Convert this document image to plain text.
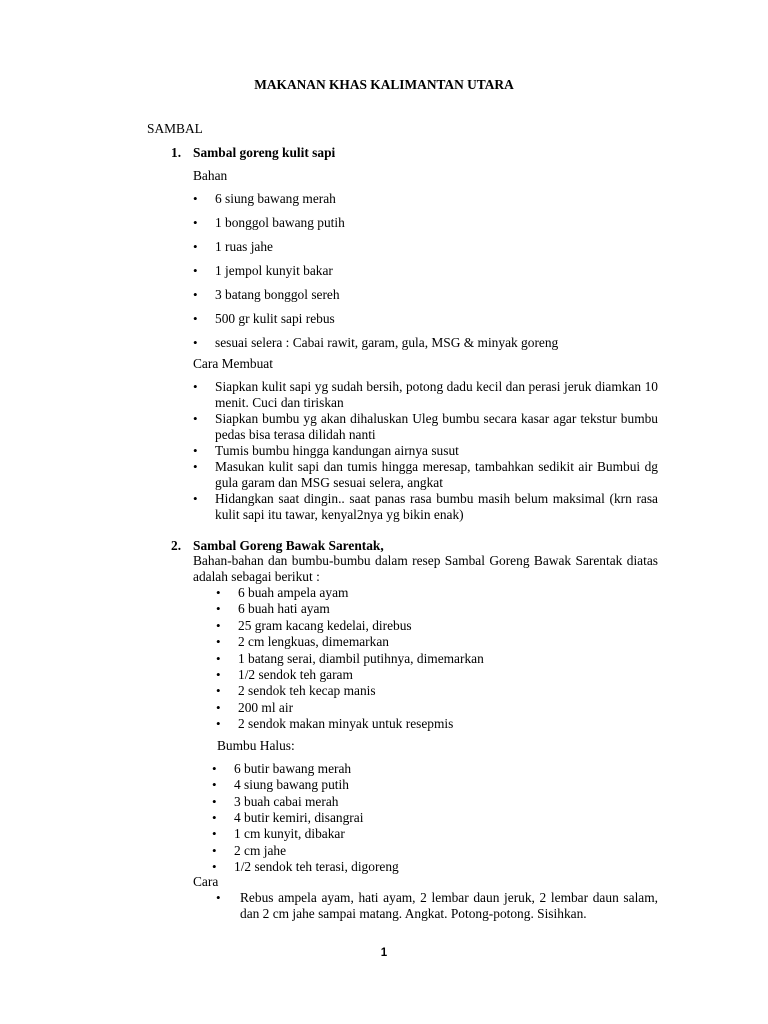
MAKANAN KHAS KALIMANTAN UTARA
SAMBAL
1. Sambal goreng kulit sapi
Bahan
• 6 siung bawang merah
• 1 bonggol bawang putih
• 1 ruas jahe
• 1 jempol kunyit bakar
• 3 batang bonggol sereh
• 500 gr kulit sapi rebus
• sesuai selera : Cabai rawit, garam, gula, MSG & minyak goreng
Cara Membuat
• Siapkan kulit sapi yg sudah bersih, potong dadu kecil dan perasi jeruk diamkan 10 menit. Cuci dan tiriskan
• Siapkan bumbu yg akan dihaluskan Uleg bumbu secara kasar agar tekstur bumbu pedas bisa terasa dilidah nanti
• Tumis bumbu hingga kandungan airnya susut
• Masukan kulit sapi dan tumis hingga meresap, tambahkan sedikit air Bumbui dg gula garam dan MSG sesuai selera, angkat
• Hidangkan saat dingin.. saat panas rasa bumbu masih belum maksimal (krn rasa kulit sapi itu tawar, kenyal2nya yg bikin enak)
2. Sambal Goreng Bawak Sarentak,
Bahan-bahan dan bumbu-bumbu dalam resep Sambal Goreng Bawak Sarentak diatas adalah sebagai berikut :
• 6 buah ampela ayam
• 6 buah hati ayam
• 25 gram kacang kedelai, direbus
• 2 cm lengkuas, dimemarkan
• 1 batang serai, diambil putihnya, dimemarkan
• 1/2 sendok teh garam
• 2 sendok teh kecap manis
• 200 ml air
• 2 sendok makan minyak untuk resepmis
Bumbu Halus:
• 6 butir bawang merah
• 4 siung bawang putih
• 3 buah cabai merah
• 4 butir kemiri, disangrai
• 1 cm kunyit, dibakar
• 2 cm jahe
• 1/2 sendok teh terasi, digoreng
Cara
• Rebus ampela ayam, hati ayam, 2 lembar daun jeruk, 2 lembar daun salam, dan 2 cm jahe sampai matang. Angkat. Potong-potong. Sisihkan.
1
